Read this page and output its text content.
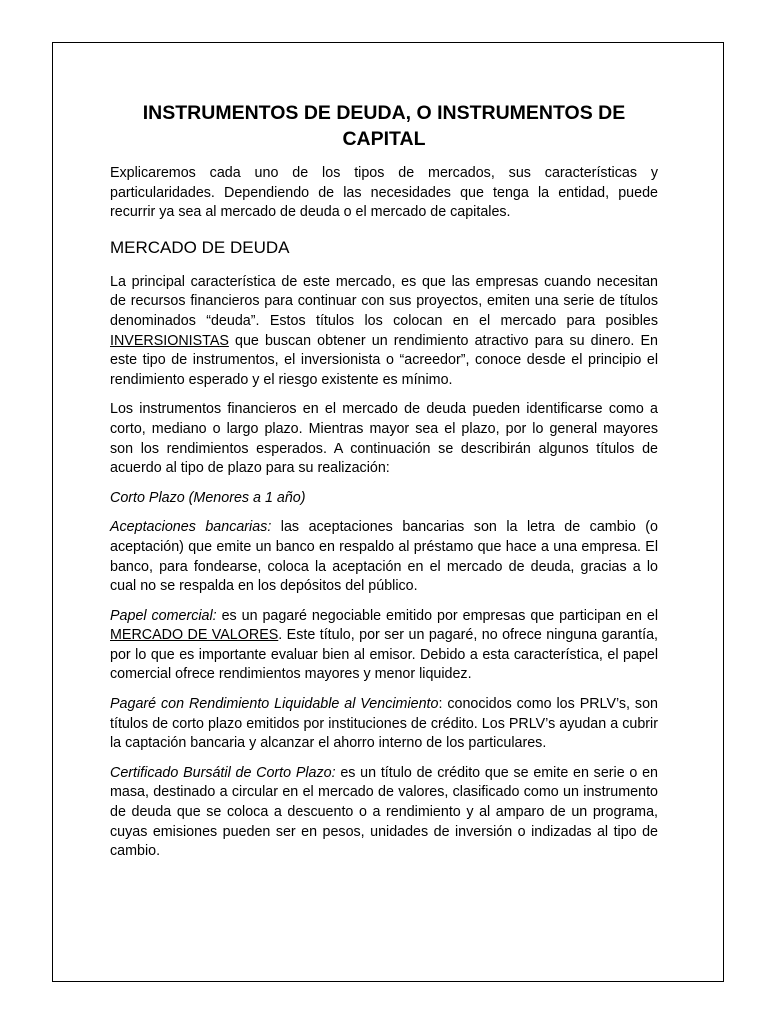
INSTRUMENTOS DE DEUDA, O INSTRUMENTOS DE CAPITAL

Explicaremos cada uno de los tipos de mercados, sus características y particularidades. Dependiendo de las necesidades que tenga la entidad, puede recurrir ya sea al mercado de deuda o el mercado de capitales.

MERCADO DE DEUDA

La principal característica de este mercado, es que las empresas cuando necesitan de recursos financieros para continuar con sus proyectos, emiten una serie de títulos denominados “deuda”. Estos títulos los colocan en el mercado para posibles INVERSIONISTAS que buscan obtener un rendimiento atractivo para su dinero. En este tipo de instrumentos, el inversionista o “acreedor”, conoce desde el principio el rendimiento esperado y el riesgo existente es mínimo.

Los instrumentos financieros en el mercado de deuda pueden identificarse como a corto, mediano o largo plazo. Mientras mayor sea el plazo, por lo general mayores son los rendimientos esperados. A continuación se describirán algunos títulos de acuerdo al tipo de plazo para su realización:

Corto Plazo (Menores a 1 año)

Aceptaciones bancarias: las aceptaciones bancarias son la letra de cambio (o aceptación) que emite un banco en respaldo al préstamo que hace a una empresa. El banco, para fondearse, coloca la aceptación en el mercado de deuda, gracias a lo cual no se respalda en los depósitos del público.

Papel comercial: es un pagaré negociable emitido por empresas que participan en el MERCADO DE VALORES. Este título, por ser un pagaré, no ofrece ninguna garantía, por lo que es importante evaluar bien al emisor. Debido a esta característica, el papel comercial ofrece rendimientos mayores y menor liquidez.

Pagaré con Rendimiento Liquidable al Vencimiento: conocidos como los PRLV’s, son títulos de corto plazo emitidos por instituciones de crédito. Los PRLV’s ayudan a cubrir la captación bancaria y alcanzar el ahorro interno de los particulares.

Certificado Bursátil de Corto Plazo: es un título de crédito que se emite en serie o en masa, destinado a circular en el mercado de valores, clasificado como un instrumento de deuda que se coloca a descuento o a rendimiento y al amparo de un programa, cuyas emisiones pueden ser en pesos, unidades de inversión o indizadas al tipo de cambio.
